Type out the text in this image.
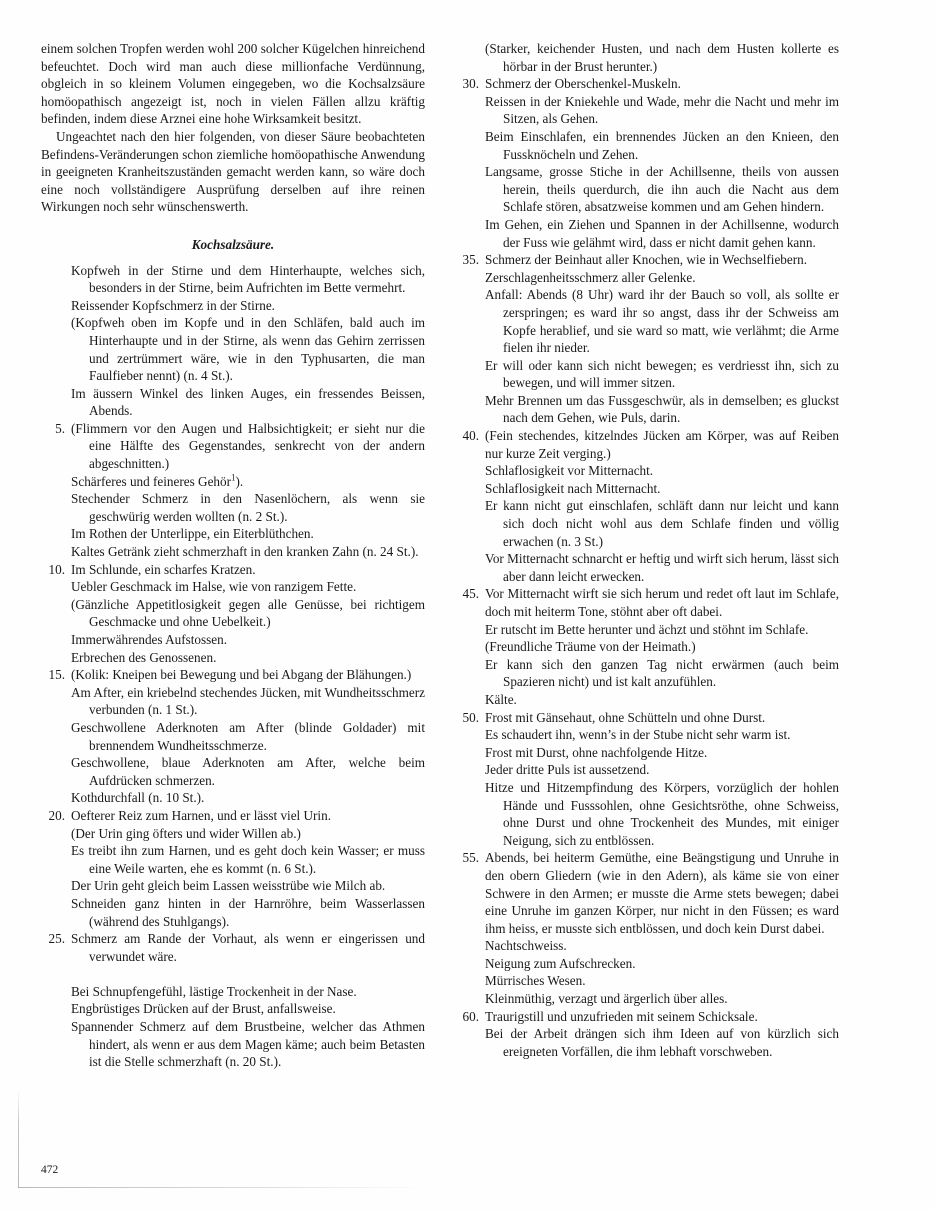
einem solchen Tropfen werden wohl 200 solcher Kügelchen hinreichend befeuchtet. Doch wird man auch diese millionfache Verdünnung, obgleich in so kleinem Volumen eingegeben, wo die Kochsalzsäure homöopathisch angezeigt ist, noch in vielen Fällen allzu kräftig befinden, indem diese Arznei eine hohe Wirksamkeit besitzt.

Ungeachtet nach den hier folgenden, von dieser Säure beobachteten Befindens-Veränderungen schon ziemliche homöopathische Anwendung in geeigneten Kranheitszuständen gemacht werden kann, so wäre doch eine noch vollständigere Ausprüfung derselben auf ihre reinen Wirkungen noch sehr wünschenswerth.

Kochsalzsäure.
Kopfweh in der Stirne und dem Hinterhaupte, welches sich, besonders in der Stirne, beim Aufrichten im Bette vermehrt.
Reissender Kopfschmerz in der Stirne.
(Kopfweh oben im Kopfe und in den Schläfen, bald auch im Hinterhaupte und in der Stirne, als wenn das Gehirn zerrissen und zertrümmert wäre, wie in den Typhusarten, die man Faulfieber nennt) (n. 4 St.).
Im äussern Winkel des linken Auges, ein fressendes Beissen, Abends.
5. (Flimmern vor den Augen und Halbsichtigkeit; er sieht nur die eine Hälfte des Gegenstandes, senkrecht von der andern abgeschnitten.)
Schärferes und feineres Gehör$^1$).
Stechender Schmerz in den Nasenlöchern, als wenn sie geschwürig werden wollten (n. 2 St.).
Im Rothen der Unterlippe, ein Eiterblüthchen.
Kaltes Getränk zieht schmerzhaft in den kranken Zahn (n. 24 St.).
10. Im Schlunde, ein scharfes Kratzen.
Uebler Geschmack im Halse, wie von ranzigem Fette.
(Gänzliche Appetitlosigkeit gegen alle Genüsse, bei richtigem Geschmacke und ohne Uebelkeit.)
Immerwährendes Aufstossen.
Erbrechen des Genossenen.
15. (Kolik: Kneipen bei Bewegung und bei Abgang der Blähungen.)
Am After, ein kriebelnd stechendes Jücken, mit Wundheitsschmerz verbunden (n. 1 St.).
Geschwollene Aderknoten am After (blinde Goldader) mit brennendem Wundheitsschmerze.
Geschwollene, blaue Aderknoten am After, welche beim Aufdrücken schmerzen.
Kothdurchfall (n. 10 St.).
20. Oefterer Reiz zum Harnen, und er lässt viel Urin.
(Der Urin ging öfters und wider Willen ab.)
Es treibt ihn zum Harnen, und es geht doch kein Wasser; er muss eine Weile warten, ehe es kommt (n. 6 St.).
Der Urin geht gleich beim Lassen weisstrübe wie Milch ab.
Schneiden ganz hinten in der Harnröhre, beim Wasserlassen (während des Stuhlgangs).
25. Schmerz am Rande der Vorhaut, als wenn er eingerissen und verwundet wäre.
Bei Schnupfengefühl, lästige Trockenheit in der Nase.
Engbrüstiges Drücken auf der Brust, anfallsweise.
Spannender Schmerz auf dem Brustbeine, welcher das Athmen hindert, als wenn er aus dem Magen käme; auch beim Betasten ist die Stelle schmerzhaft (n. 20 St.).
(Starker, keichender Husten, und nach dem Husten kollerte es hörbar in der Brust herunter.)
30. Schmerz der Oberschenkel-Muskeln.
Reissen in der Kniekehle und Wade, mehr die Nacht und mehr im Sitzen, als Gehen.
Beim Einschlafen, ein brennendes Jücken an den Knieen, den Fussknöcheln und Zehen.
Langsame, grosse Stiche in der Achillsenne, theils von aussen herein, theils querdurch, die ihn auch die Nacht aus dem Schlafe stören, absatzweise kommen und am Gehen hindern.
Im Gehen, ein Ziehen und Spannen in der Achillsenne, wodurch der Fuss wie gelähmt wird, dass er nicht damit gehen kann.
35. Schmerz der Beinhaut aller Knochen, wie in Wechselfiebern.
Zerschlagenheitsschmerz aller Gelenke.
Anfall: Abends (8 Uhr) ward ihr der Bauch so voll, als sollte er zerspringen; es ward ihr so angst, dass ihr der Schweiss am Kopfe herablief, und sie ward so matt, wie verlähmt; die Arme fielen ihr nieder.
Er will oder kann sich nicht bewegen; es verdriesst ihn, sich zu bewegen, und will immer sitzen.
Mehr Brennen um das Fussgeschwür, als in demselben; es gluckst nach dem Gehen, wie Puls, darin.
40. (Fein stechendes, kitzelndes Jücken am Körper, was auf Reiben nur kurze Zeit verging.)
Schlaflosigkeit vor Mitternacht.
Schlaflosigkeit nach Mitternacht.
Er kann nicht gut einschlafen, schläft dann nur leicht und kann sich doch nicht wohl aus dem Schlafe finden und völlig erwachen (n. 3 St.)
Vor Mitternacht schnarcht er heftig und wirft sich herum, lässt sich aber dann leicht erwecken.
45. Vor Mitternacht wirft sie sich herum und redet oft laut im Schlafe, doch mit heiterm Tone, stöhnt aber oft dabei.
Er rutscht im Bette herunter und ächzt und stöhnt im Schlafe.
(Freundliche Träume von der Heimath.)
Er kann sich den ganzen Tag nicht erwärmen (auch beim Spazieren nicht) und ist kalt anzufühlen.
Kälte.
50. Frost mit Gänsehaut, ohne Schütteln und ohne Durst.
Es schaudert ihn, wenn’s in der Stube nicht sehr warm ist.
Frost mit Durst, ohne nachfolgende Hitze.
Jeder dritte Puls ist aussetzend.
Hitze und Hitzempfindung des Körpers, vorzüglich der hohlen Hände und Fusssohlen, ohne Gesichtsröthe, ohne Schweiss, ohne Durst und ohne Trockenheit des Mundes, mit einiger Neigung, sich zu entblössen.
55. Abends, bei heiterm Gemüthe, eine Beängstigung und Unruhe in den obern Gliedern (wie in den Adern), als käme sie von einer Schwere in den Armen; er musste die Arme stets bewegen; dabei eine Unruhe im ganzen Körper, nur nicht in den Füssen; es ward ihm heiss, er musste sich entblössen, und doch kein Durst dabei.
Nachtschweiss.
Neigung zum Aufschrecken.
Mürrisches Wesen.
Kleinmüthig, verzagt und ärgerlich über alles.
60. Traurigstill und unzufrieden mit seinem Schicksale.
Bei der Arbeit drängen sich ihm Ideen auf von kürzlich sich ereigneten Vorfällen, die ihm lebhaft vorschweben.
472
